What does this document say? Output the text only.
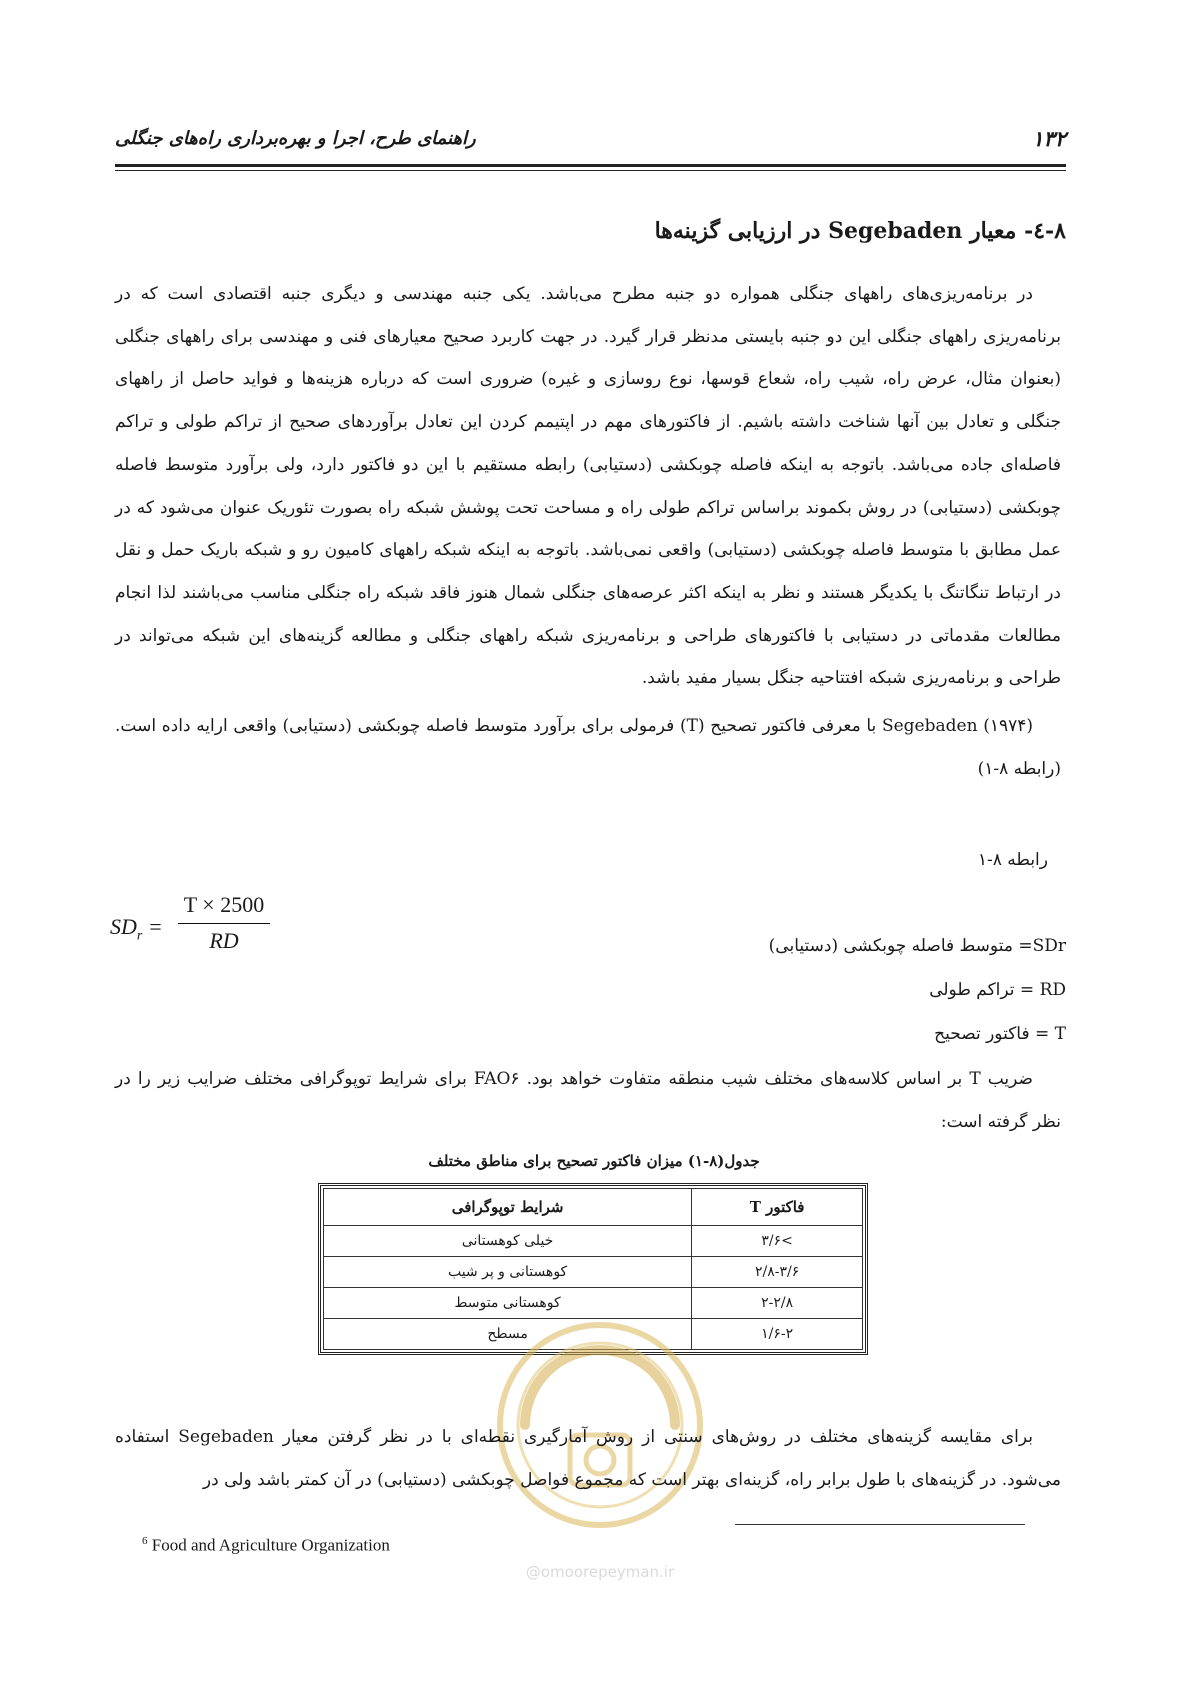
۱۳۲
راهنمای طرح، اجرا و بهره‌برداری راه‌های جنگلی
۸-٤- معیار Segebaden در ارزیابی گزینه‌ها
در برنامه‌ریزی‌های راههای جنگلی همواره دو جنبه مطرح می‌باشد. یکی جنبه مهندسی و دیگری جنبه اقتصادی است که در برنامه‌ریزی راههای جنگلی این دو جنبه بایستی مدنظر قرار گیرد. در جهت کاربرد صحیح معیارهای فنی و مهندسی برای راههای جنگلی (بعنوان مثال، عرض راه، شیب راه، شعاع قوسها، نوع روسازی و غیره) ضروری است که درباره هزینه‌ها و فواید حاصل از راههای جنگلی و تعادل بین آنها شناخت داشته باشیم. از فاکتورهای مهم در اپتیمم کردن این تعادل برآوردهای صحیح از تراکم طولی و تراکم فاصله‌ای جاده می‌باشد. باتوجه به اینکه فاصله چوبکشی (دستیابی) رابطه مستقیم با این دو فاکتور دارد، ولی برآورد متوسط فاصله چوبکشی (دستیابی) در روش بکموند براساس تراکم طولی راه و مساحت تحت پوشش شبکه راه بصورت تئوریک عنوان می‌شود که در عمل مطابق با متوسط فاصله چوبکشی (دستیابی) واقعی نمی‌باشد. باتوجه به اینکه شبکه راههای کامیون رو و شبکه باریک حمل و نقل در ارتباط تنگاتنگ با یکدیگر هستند و نظر به اینکه اکثر عرصه‌های جنگلی شمال هنوز فاقد شبکه راه جنگلی مناسب می‌باشند لذا انجام مطالعات مقدماتی در دستیابی با فاکتورهای طراحی و برنامه‌ریزی شبکه راههای جنگلی و مطالعه گزینه‌های این شبکه می‌تواند در طراحی و برنامه‌ریزی شبکه افتتاحیه جنگل بسیار مفید باشد.
Segebaden (۱۹۷۴) با معرفی فاکتور تصحیح (T) فرمولی برای برآورد متوسط فاصله چوبکشی (دستیابی) واقعی ارایه داده است. (رابطه ۸-۱)
رابطه ۸-۱
$SD_r$ =
T × 2500
RD	SDr= متوسط فاصله چوبکشی (دستیابی)
RD = تراکم طولی
T = فاکتور تصحیح
ضریب T بر اساس کلاسه‌های مختلف شیب منطقه متفاوت خواهد بود. FAO۶ برای شرایط توپوگرافی مختلف ضرایب زیر را در نظر گرفته است:
جدول(۸-۱) میزان فاکتور تصحیح برای مناطق مختلف
فاکتور T	شرایط توپوگرافی
>۳/۶	خیلی کوهستانی
۲/۸-۳/۶	کوهستانی و پر شیب
۲-۲/۸	کوهستانی متوسط
۱/۶-۲	مسطح
@omoorepeyman.ir
برای مقایسه گزینه‌های مختلف در روش‌های سنتی از روش آمارگیری نقطه‌ای با در نظر گرفتن معیار Segebaden استفاده می‌شود. در گزینه‌های با طول برابر راه، گزینه‌ای بهتر است که مجموع فواصل چوبکشی (دستیابی) در آن کمتر باشد ولی در
$^6$ Food and Agriculture Organization
